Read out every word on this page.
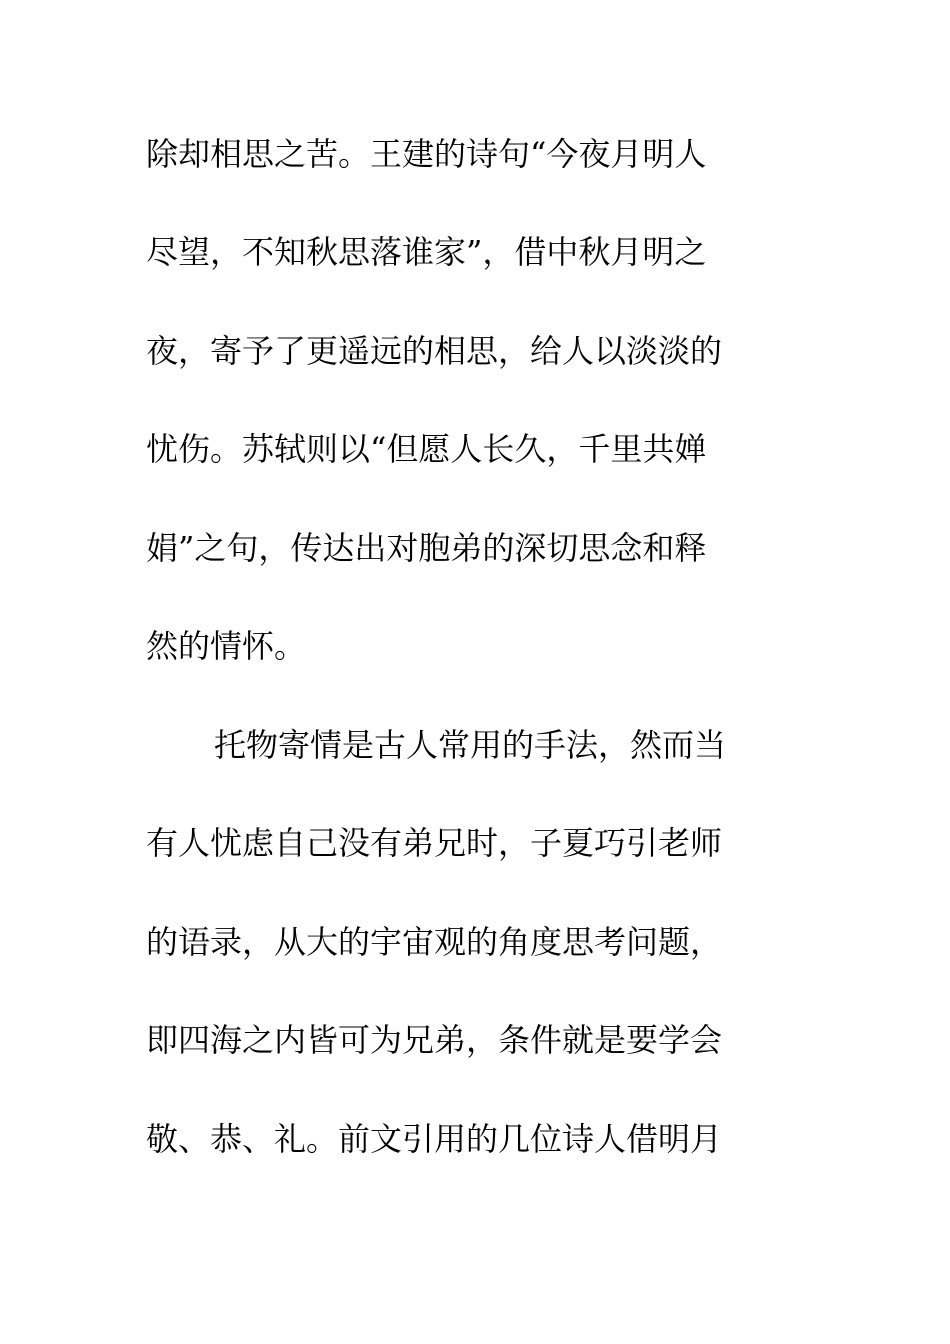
除却相思之苦。王建的诗句“今夜月明人
尽望，不知秋思落谁家”，借中秋月明之
夜，寄予了更遥远的相思，给人以淡淡的
忧伤。苏轼则以“但愿人长久，千里共婵
娟”之句，传达出对胞弟的深切思念和释
然的情怀。
托物寄情是古人常用的手法，然而当
有人忧虑自己没有弟兄时，子夏巧引老师
的语录，从大的宇宙观的角度思考问题，
即四海之内皆可为兄弟，条件就是要学会
敬、恭、礼。前文引用的几位诗人借明月
